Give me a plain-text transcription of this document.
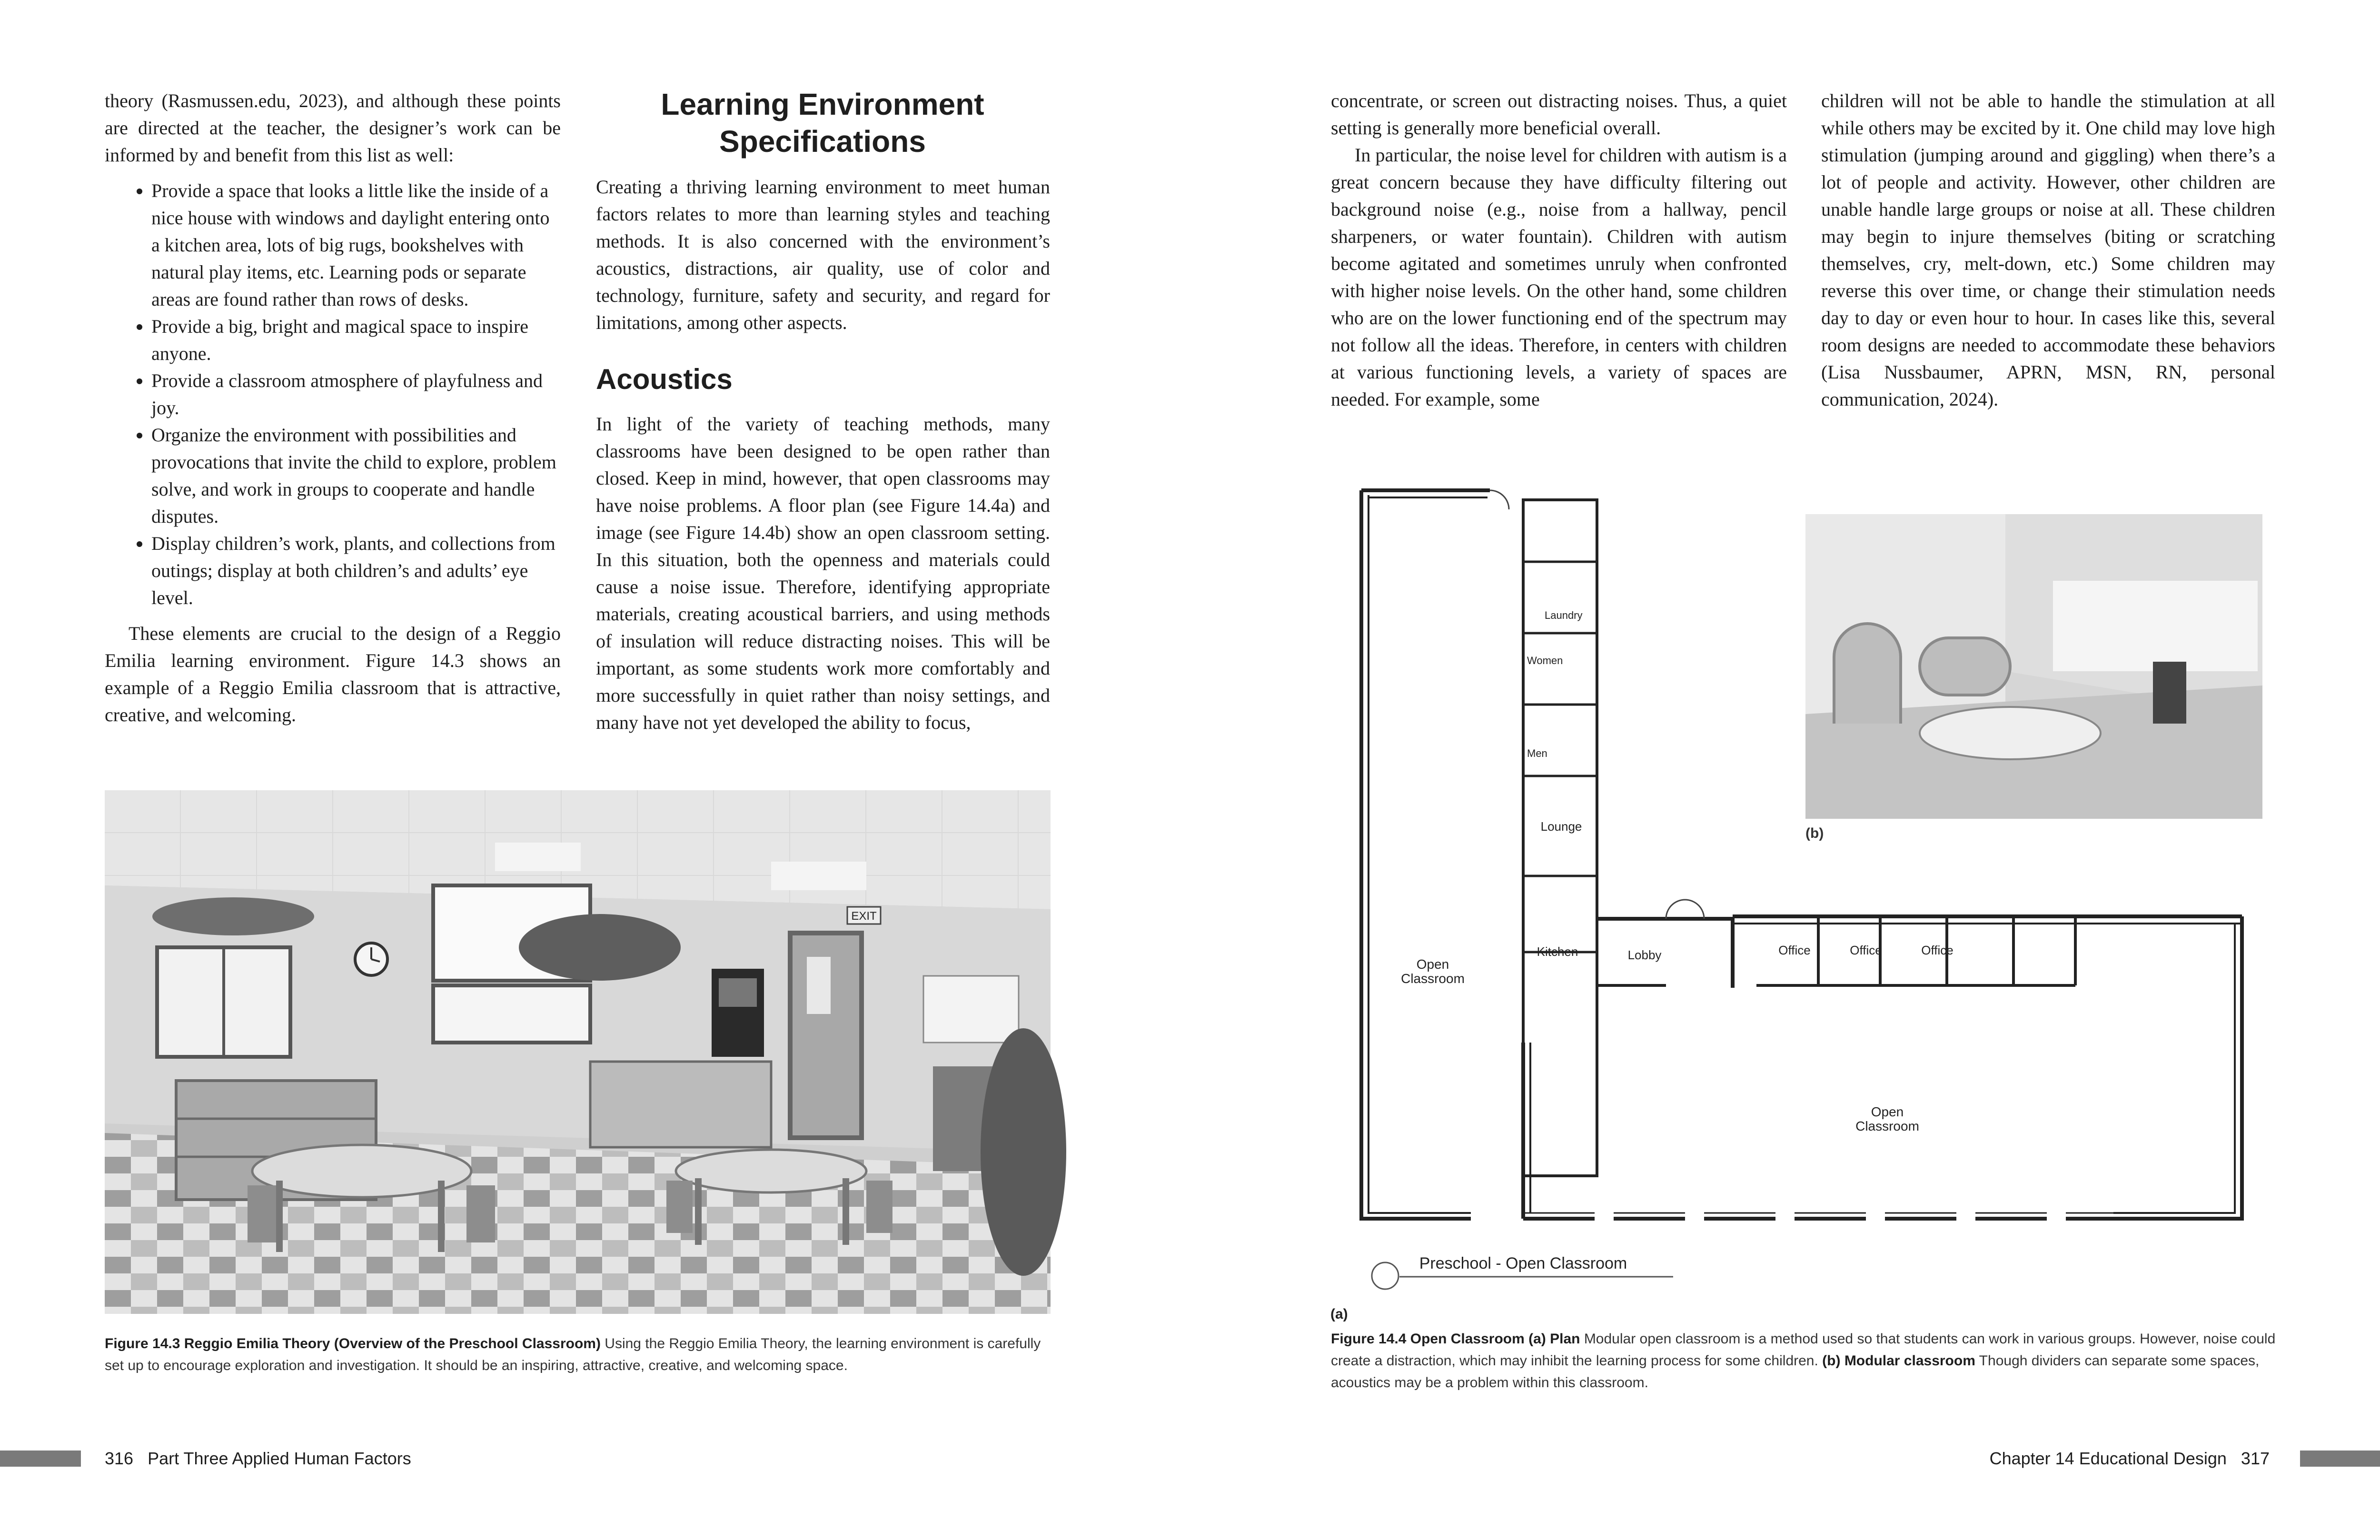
theory (Rasmussen.edu, 2023), and although these points are directed at the teacher, the designer’s work can be informed by and benefit from this list as well:

• Provide a space that looks a little like the inside of a nice house with windows and daylight entering onto a kitchen area, lots of big rugs, bookshelves with natural play items, etc. Learning pods or separate areas are found rather than rows of desks.
• Provide a big, bright and magical space to inspire anyone.
• Provide a classroom atmosphere of playfulness and joy.
• Organize the environment with possibilities and provocations that invite the child to explore, problem solve, and work in groups to cooperate and handle disputes.
• Display children’s work, plants, and collections from outings; display at both children’s and adults’ eye level.

These elements are crucial to the design of a Reggio Emilia learning environment. Figure 14.3 shows an example of a Reggio Emilia classroom that is attractive, creative, and welcoming.

Learning Environment Specifications

Creating a thriving learning environment to meet human factors relates to more than learning styles and teaching methods. It is also concerned with the environment’s acoustics, distractions, air quality, use of color and technology, furniture, safety and security, and regard for limitations, among other aspects.

Acoustics

In light of the variety of teaching methods, many classrooms have been designed to be open rather than closed. Keep in mind, however, that open classrooms may have noise problems. A floor plan (see Figure 14.4a) and image (see Figure 14.4b) show an open classroom setting. In this situation, both the openness and materials could cause a noise issue. Therefore, identifying appropriate materials, creating acoustical barriers, and using methods of insulation will reduce distracting noises. This will be important, as some students work more comfortably and more successfully in quiet rather than noisy settings, and many have not yet developed the ability to focus,

EXIT
Figure 14.3 Reggio Emilia Theory (Overview of the Preschool Classroom) Using the Reggio Emilia Theory, the learning environment is carefully set up to encourage exploration and investigation. It should be an inspiring, attractive, creative, and welcoming space.
316 Part Three Applied Human Factors

concentrate, or screen out distracting noises. Thus, a quiet setting is generally more beneficial overall.

In particular, the noise level for children with autism is a great concern because they have difficulty filtering out background noise (e.g., noise from a hallway, pencil sharpeners, or water fountain). Children with autism become agitated and sometimes unruly when confronted with higher noise levels. On the other hand, some children who are on the lower functioning end of the spectrum may not follow all the ideas. Therefore, in centers with children at various functioning levels, a variety of spaces are needed. For example, some

children will not be able to handle the stimulation at all while others may be excited by it. One child may love high stimulation (jumping around and giggling) when there’s a lot of people and activity. However, other children are unable handle large groups or noise at all. These children may begin to injure themselves (biting or scratching themselves, cry, melt-down, etc.) Some children may reverse this over time, or change their stimulation needs day to day or even hour to hour. In cases like this, several room designs are needed to accommodate these behaviors (Lisa Nussbaumer, APRN, MSN, RN, personal communication, 2024).

Preschool - Open Classroom
(a)
Laundry
Women
Men
Lounge
Kitchen	Lobby	Office	Office	Office
Open
Classroom
Open
Classroom
(b)
Figure 14.4 Open Classroom (a) Plan Modular open classroom is a method used so that students can work in various groups. However, noise could create a distraction, which may inhibit the learning process for some children. (b) Modular classroom Though dividers can separate some spaces, acoustics may be a problem within this classroom.
Chapter 14 Educational Design 317
